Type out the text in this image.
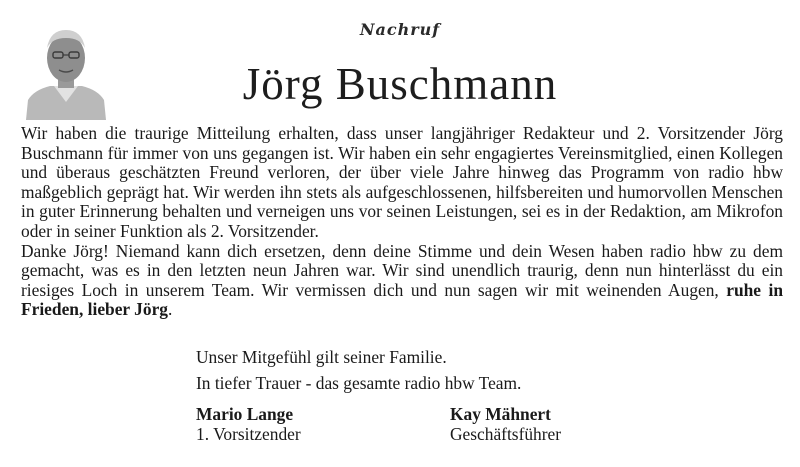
Nachruf
Jörg Buschmann

Wir haben die traurige Mitteilung erhalten, dass unser langjähriger Redakteur und 2. Vorsitzender Jörg Buschmann für immer von uns gegangen ist. Wir haben ein sehr engagiertes Vereinsmitglied, einen Kollegen und überaus geschätzten Freund verloren, der über viele Jahre hinweg das Programm von radio hbw maßgeblich geprägt hat. Wir werden ihn stets als aufgeschlossenen, hilfsbereiten und humorvollen Menschen in guter Erinnerung behalten und verneigen uns vor seinen Leistungen, sei es in der Redaktion, am Mikrofon oder in seiner Funktion als 2. Vorsitzender.

Danke Jörg! Niemand kann dich ersetzen, denn deine Stimme und dein Wesen haben radio hbw zu dem gemacht, was es in den letzten neun Jahren war. Wir sind unendlich traurig, denn nun hinterlässt du ein riesiges Loch in unserem Team. Wir vermissen dich und nun sagen wir mit weinenden Augen, ruhe in Frieden, lieber Jörg.

Unser Mitgefühl gilt seiner Familie.
In tiefer Trauer - das gesamte radio hbw Team.
Mario Lange
1. Vorsitzender
Kay Mähnert
Geschäftsführer
